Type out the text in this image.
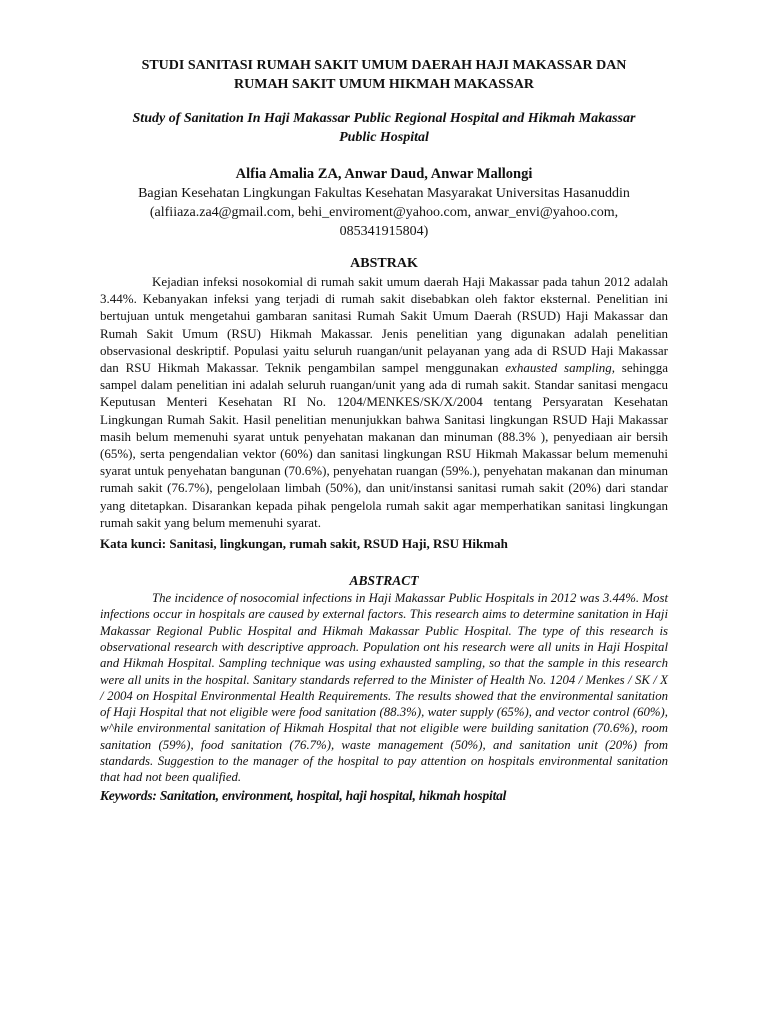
STUDI SANITASI RUMAH SAKIT UMUM DAERAH HAJI MAKASSAR DAN
RUMAH SAKIT UMUM HIKMAH MAKASSAR

Study of Sanitation In Haji Makassar Public Regional Hospital and Hikmah Makassar
Public Hospital

Alfia Amalia ZA, Anwar Daud, Anwar Mallongi

Bagian Kesehatan Lingkungan Fakultas Kesehatan Masyarakat Universitas Hasanuddin
(alfiiaza.za4@gmail.com, behi_enviroment@yahoo.com, anwar_envi@yahoo.com,
085341915804)

ABSTRAK

Kejadian infeksi nosokomial di rumah sakit umum daerah Haji Makassar pada tahun 2012 adalah 3.44%. Kebanyakan infeksi yang terjadi di rumah sakit disebabkan oleh faktor eksternal. Penelitian ini bertujuan untuk mengetahui gambaran sanitasi Rumah Sakit Umum Daerah (RSUD) Haji Makassar dan Rumah Sakit Umum (RSU) Hikmah Makassar. Jenis penelitian yang digunakan adalah penelitian observasional deskriptif. Populasi yaitu seluruh ruangan/unit pelayanan yang ada di RSUD Haji Makassar dan RSU Hikmah Makassar. Teknik pengambilan sampel menggunakan exhausted sampling, sehingga sampel dalam penelitian ini adalah seluruh ruangan/unit yang ada di rumah sakit. Standar sanitasi mengacu Keputusan Menteri Kesehatan RI No. 1204/MENKES/SK/X/2004 tentang Persyaratan Kesehatan Lingkungan Rumah Sakit. Hasil penelitian menunjukkan bahwa Sanitasi lingkungan RSUD Haji Makassar masih belum memenuhi syarat untuk penyehatan makanan dan minuman (88.3% ), penyediaan air bersih (65%), serta pengendalian vektor (60%) dan sanitasi lingkungan RSU Hikmah Makassar belum memenuhi syarat untuk penyehatan bangunan (70.6%), penyehatan ruangan (59%.), penyehatan makanan dan minuman rumah sakit (76.7%), pengelolaan limbah (50%), dan unit/instansi sanitasi rumah sakit (20%) dari standar yang ditetapkan. Disarankan kepada pihak pengelola rumah sakit agar memperhatikan sanitasi lingkungan rumah sakit yang belum memenuhi syarat.

Kata kunci: Sanitasi, lingkungan, rumah sakit, RSUD Haji, RSU Hikmah

ABSTRACT

The incidence of nosocomial infections in Haji Makassar Public Hospitals in 2012 was 3.44%. Most infections occur in hospitals are caused by external factors. This research aims to determine sanitation in Haji Makassar Regional Public Hospital and Hikmah Makassar Public Hospital. The type of this research is observational research with descriptive approach. Population ont his research were all units in Haji Hospital and Hikmah Hospital. Sampling technique was using exhausted sampling, so that the sample in this research were all units in the hospital. Sanitary standards referred to the Minister of Health No. 1204 / Menkes / SK / X / 2004 on Hospital Environmental Health Requirements. The results showed that the environmental sanitation of Haji Hospital that not eligible were food sanitation (88.3%), water supply (65%), and vector control (60%), w^hile environmental sanitation of Hikmah Hospital that not eligible were building sanitation (70.6%), room sanitation (59%), food sanitation (76.7%), waste management (50%), and sanitation unit (20%) from standards. Suggestion to the manager of the hospital to pay attention on hospitals environmental sanitation that had not been qualified.

Keywords: Sanitation, environment, hospital, haji hospital, hikmah hospital
